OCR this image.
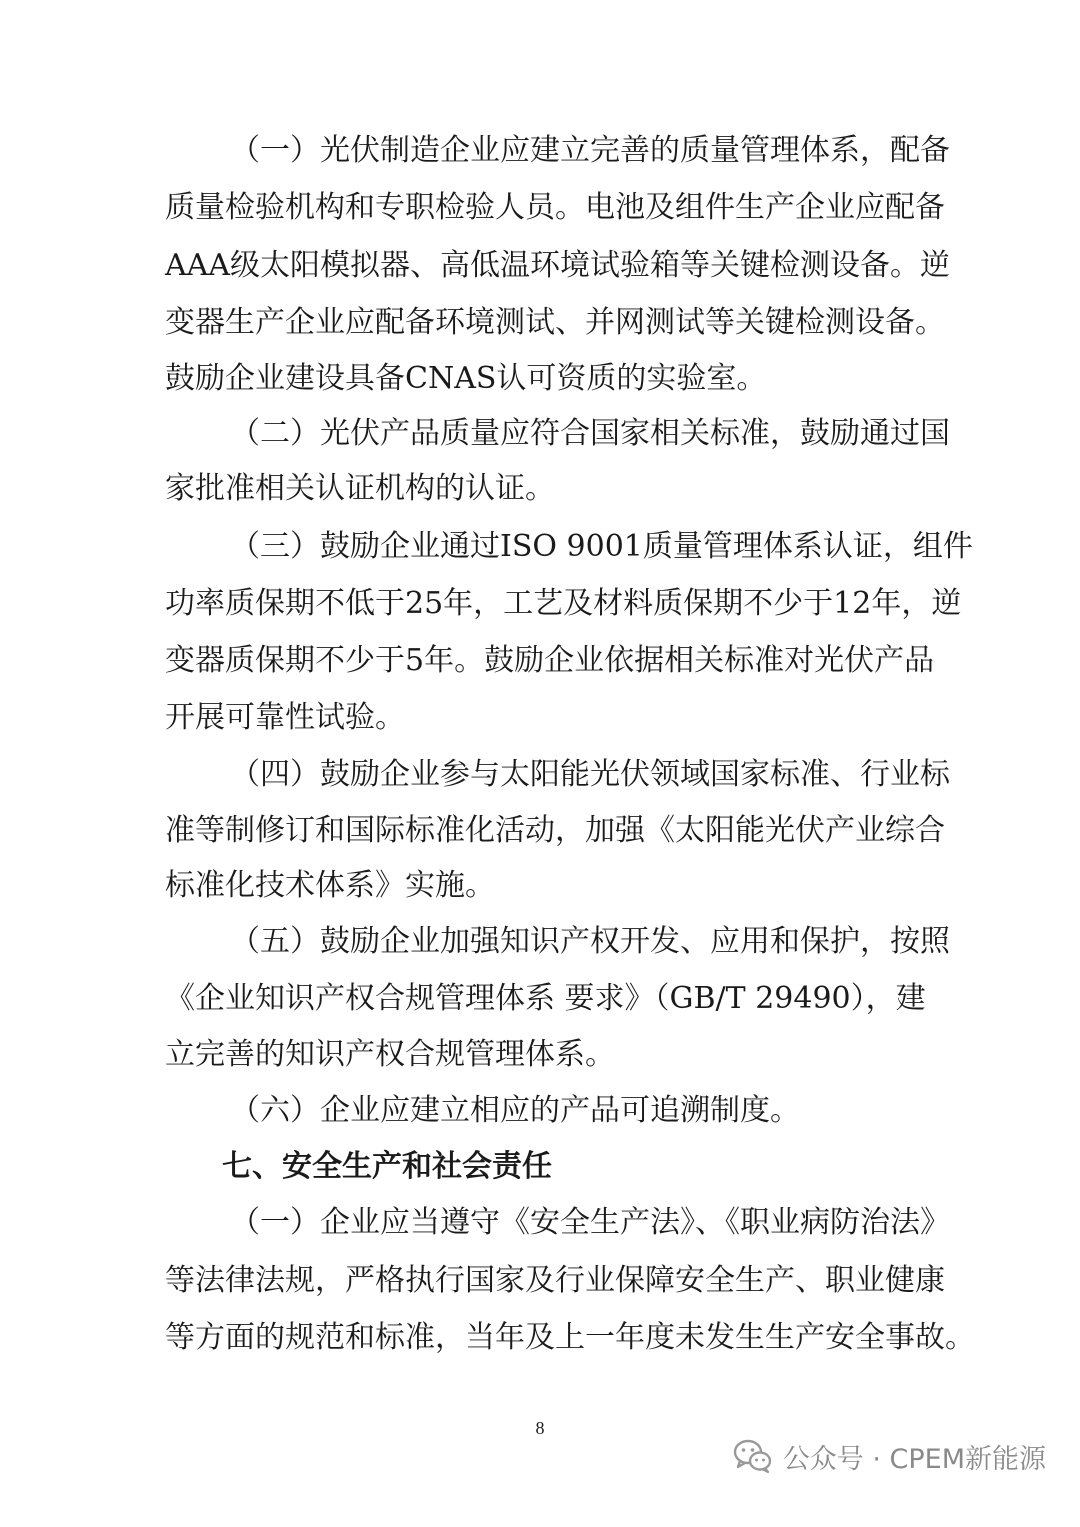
（一）光伏制造企业应建立完善的质量管理体系，配备

质量检验机构和专职检验人员。电池及组件生产企业应配备

AAA级太阳模拟器、高低温环境试验箱等关键检测设备。逆

变器生产企业应配备环境测试、并网测试等关键检测设备。

鼓励企业建设具备CNAS认可资质的实验室。

（二）光伏产品质量应符合国家相关标准，鼓励通过国

家批准相关认证机构的认证。

（三）鼓励企业通过ISO 9001质量管理体系认证，组件

功率质保期不低于25年，工艺及材料质保期不少于12年，逆

变器质保期不少于5年。鼓励企业依据相关标准对光伏产品

开展可靠性试验。

（四）鼓励企业参与太阳能光伏领域国家标准、行业标

准等制修订和国际标准化活动，加强《太阳能光伏产业综合

标准化技术体系》实施。

（五）鼓励企业加强知识产权开发、应用和保护，按照

《企业知识产权合规管理体系 要求》（GB/T 29490），建

立完善的知识产权合规管理体系。

（六）企业应建立相应的产品可追溯制度。

七、安全生产和社会责任

（一）企业应当遵守《安全生产法》、《职业病防治法》

等法律法规，严格执行国家及行业保障安全生产、职业健康

等方面的规范和标准，当年及上一年度未发生生产安全事故。

8
公众号 · CPEM新能源
